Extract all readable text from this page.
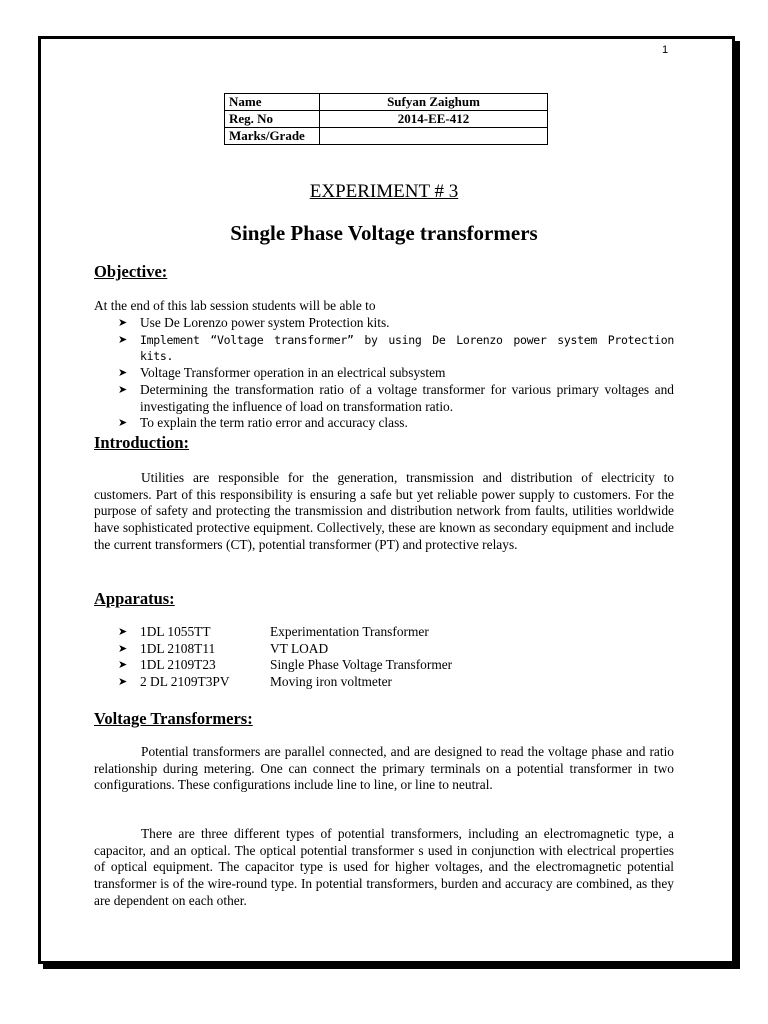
1
Name	Sufyan Zaighum
Reg. No	2014-EE-412
Marks/Grade	
EXPERIMENT # 3
Single Phase Voltage transformers
Objective:
At the end of this lab session students will be able to
➤ Use De Lorenzo power system Protection kits.
➤ Implement “Voltage transformer” by using De Lorenzo power system Protection kits.
➤ Voltage Transformer operation in an electrical subsystem
➤ Determining the transformation ratio of a voltage transformer for various primary voltages and investigating the influence of load on transformation ratio.
➤ To explain the term ratio error and accuracy class.
Introduction:
Utilities are responsible for the generation, transmission and distribution of electricity to customers. Part of this responsibility is ensuring a safe but yet reliable power supply to customers. For the purpose of safety and protecting the transmission and distribution network from faults, utilities worldwide have sophisticated protective equipment. Collectively, these are known as secondary equipment and include the current transformers (CT), potential transformer (PT) and protective relays.
Apparatus:
➤ 1DL 1055TT	Experimentation Transformer
➤ 1DL 2108T11	VT LOAD
➤ 1DL 2109T23	Single Phase Voltage Transformer
➤ 2 DL 2109T3PV	Moving iron voltmeter
Voltage Transformers:
Potential transformers are parallel connected, and are designed to read the voltage phase and ratio relationship during metering. One can connect the primary terminals on a potential transformer in two configurations. These configurations include line to line, or line to neutral.
There are three different types of potential transformers, including an electromagnetic type, a capacitor, and an optical. The optical potential transformer s used in conjunction with electrical properties of optical equipment. The capacitor type is used for higher voltages, and the electromagnetic potential transformer is of the wire-round type. In potential transformers, burden and accuracy are combined, as they are dependent on each other.
